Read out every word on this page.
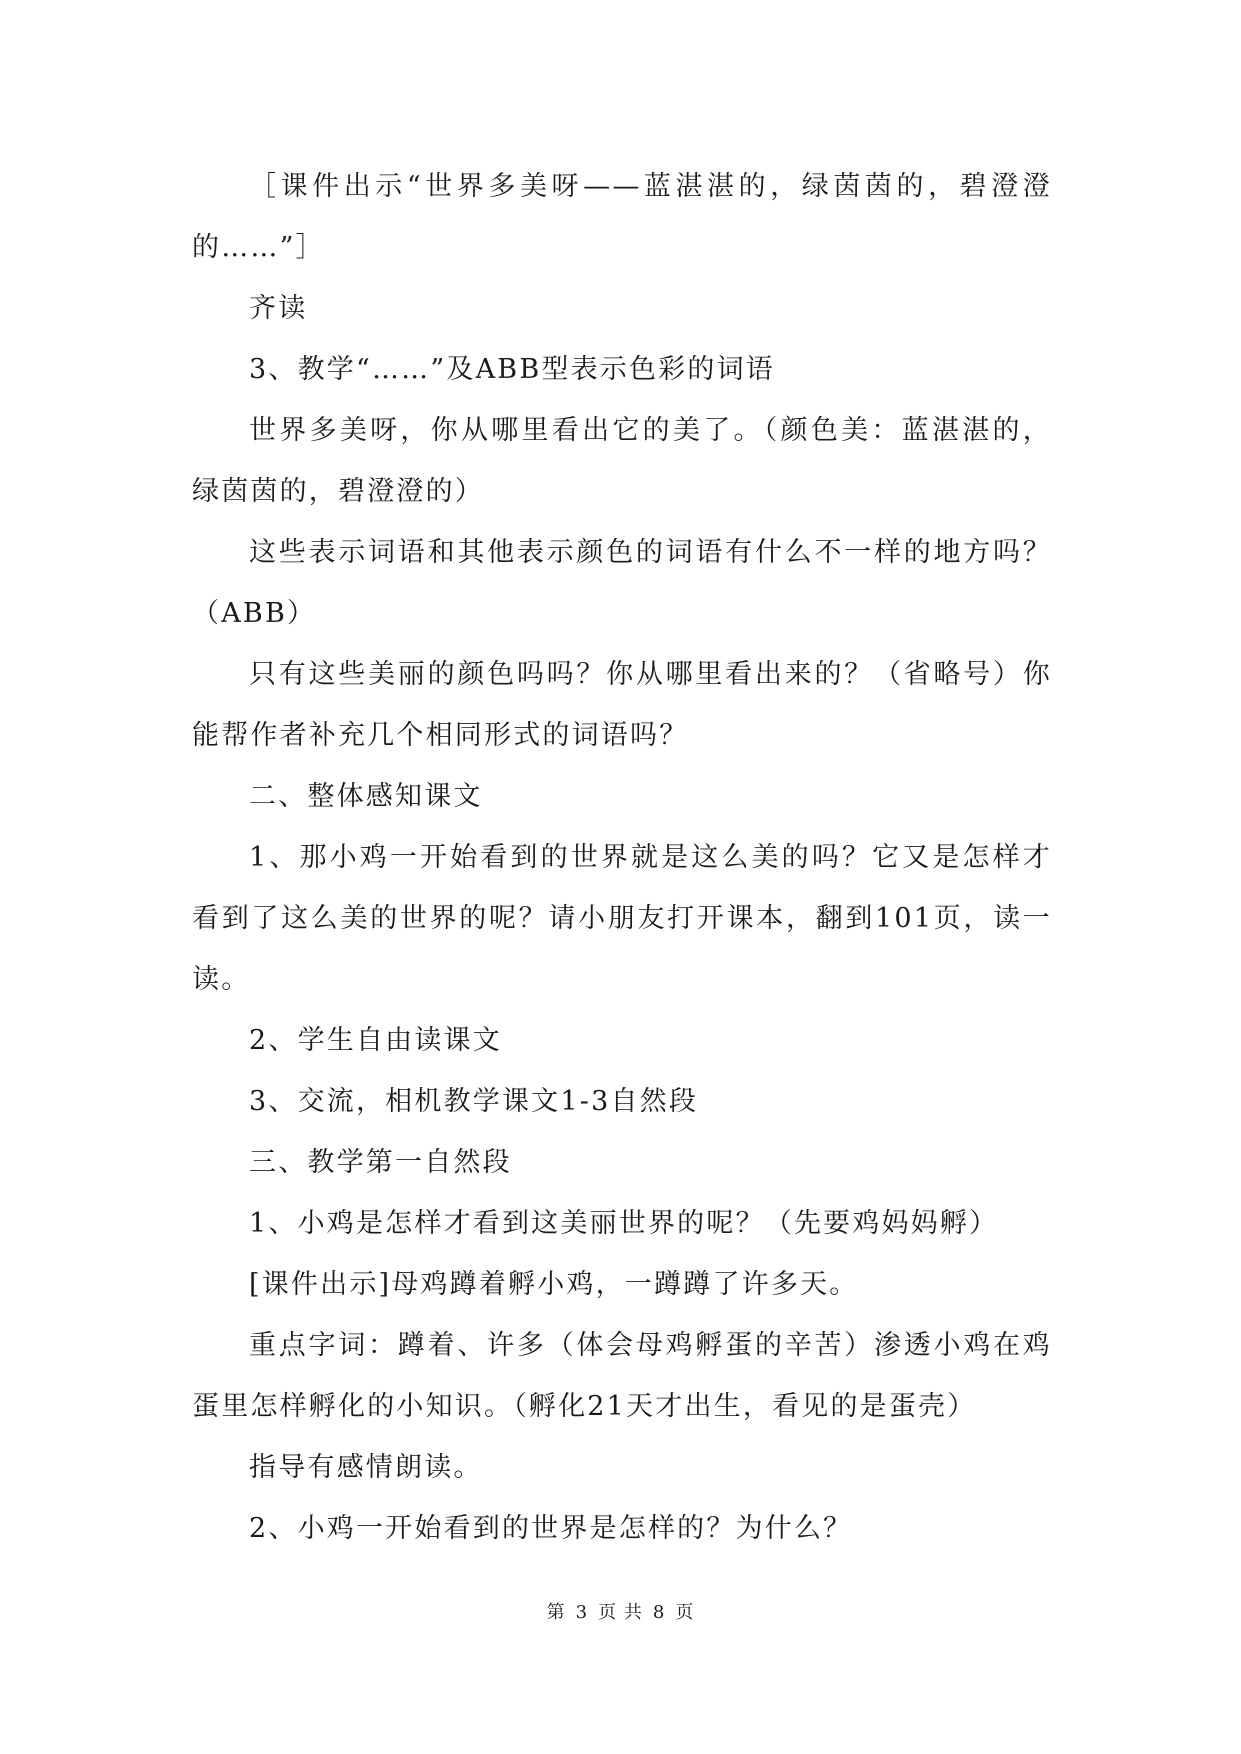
［课件出示“世界多美呀——蓝湛湛的，绿茵茵的，碧澄澄的……”］

齐读

3、教学“……”及ABB型表示色彩的词语

世界多美呀，你从哪里看出它的美了。（颜色美：蓝湛湛的，绿茵茵的，碧澄澄的）

这些表示词语和其他表示颜色的词语有什么不一样的地方吗？（ABB）

只有这些美丽的颜色吗吗？你从哪里看出来的？（省略号）你能帮作者补充几个相同形式的词语吗？

二、整体感知课文

1、那小鸡一开始看到的世界就是这么美的吗？它又是怎样才看到了这么美的世界的呢？请小朋友打开课本，翻到101页，读一读。

2、学生自由读课文

3、交流，相机教学课文1-3自然段

三、教学第一自然段

1、小鸡是怎样才看到这美丽世界的呢？（先要鸡妈妈孵）

[课件出示]母鸡蹲着孵小鸡，一蹲蹲了许多天。

重点字词：蹲着、许多（体会母鸡孵蛋的辛苦）渗透小鸡在鸡蛋里怎样孵化的小知识。（孵化21天才出生，看见的是蛋壳）

指导有感情朗读。

2、小鸡一开始看到的世界是怎样的？为什么？

第 3 页 共 8 页
